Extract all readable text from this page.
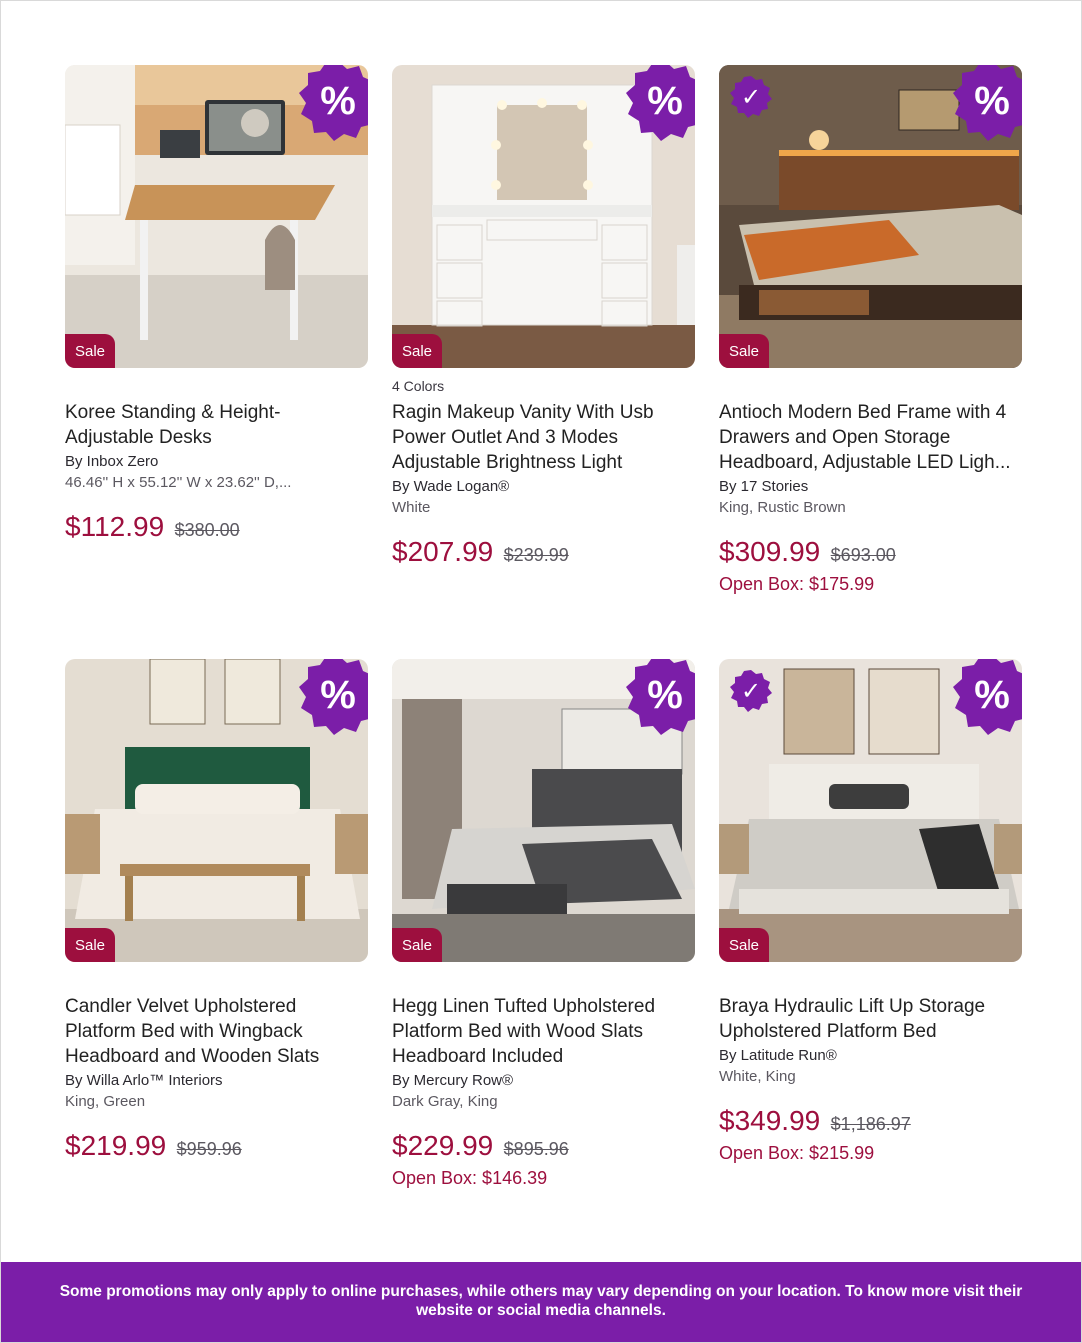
Sale
%
Koree Standing & Height-Adjustable Desks
By Inbox Zero
46.46'' H x 55.12'' W x 23.62'' D,...
$112.99 $380.00
Sale
%
4 Colors
Ragin Makeup Vanity With Usb Power Outlet And 3 Modes Adjustable Brightness Light
By Wade Logan®
White
$207.99 $239.99
Sale
✓	%
Antioch Modern Bed Frame with 4 Drawers and Open Storage Headboard, Adjustable LED Ligh...
By 17 Stories
King, Rustic Brown
$309.99 $693.00
Open Box: $175.99
Sale
%
Candler Velvet Upholstered Platform Bed with Wingback Headboard and Wooden Slats
By Willa Arlo™ Interiors
King, Green
$219.99 $959.96
Sale
%
Hegg Linen Tufted Upholstered Platform Bed with Wood Slats Headboard Included
By Mercury Row®
Dark Gray, King
$229.99 $895.96
Open Box: $146.39
Sale
✓	%
Braya Hydraulic Lift Up Storage Upholstered Platform Bed
By Latitude Run®
White, King
$349.99 $1,186.97
Open Box: $215.99
Some promotions may only apply to online purchases, while others may vary depending on your location. To know more visit their website or social media channels.
